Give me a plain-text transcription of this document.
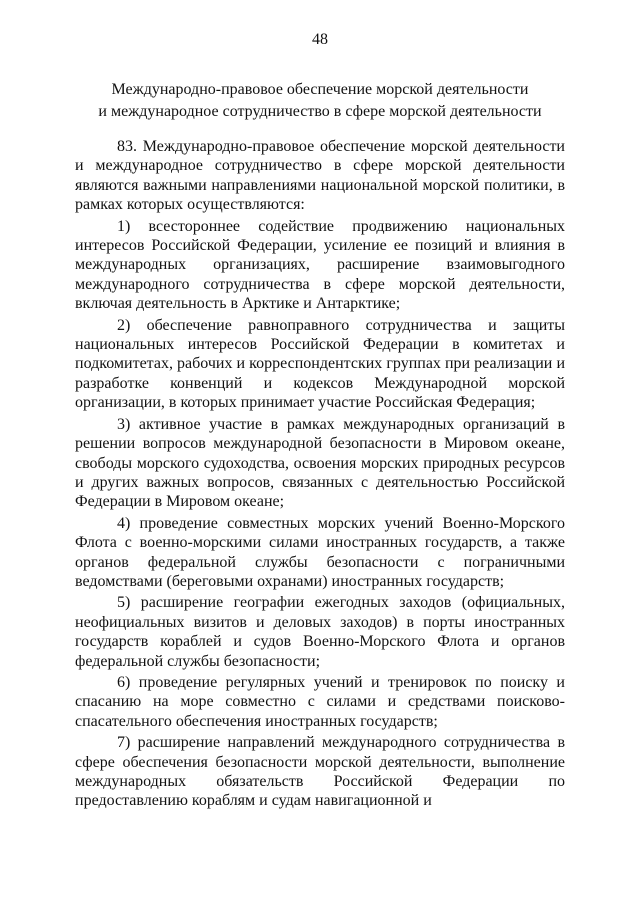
48
Международно-правовое обеспечение морской деятельности
и международное сотрудничество в сфере морской деятельности

83. Международно-правовое обеспечение морской деятельности и международное сотрудничество в сфере морской деятельности являются важными направлениями национальной морской политики, в рамках которых осуществляются:

1) всестороннее содействие продвижению национальных интересов Российской Федерации, усиление ее позиций и влияния в международных организациях, расширение взаимовыгодного международного сотрудничества в сфере морской деятельности, включая деятельность в Арктике и Антарктике;

2) обеспечение равноправного сотрудничества и защиты национальных интересов Российской Федерации в комитетах и подкомитетах, рабочих и корреспондентских группах при реализации и разработке конвенций и кодексов Международной морской организации, в которых принимает участие Российская Федерация;

3) активное участие в рамках международных организаций в решении вопросов международной безопасности в Мировом океане, свободы морского судоходства, освоения морских природных ресурсов и других важных вопросов, связанных с деятельностью Российской Федерации в Мировом океане;

4) проведение совместных морских учений Военно-Морского Флота с военно-морскими силами иностранных государств, а также органов федеральной службы безопасности с пограничными ведомствами (береговыми охранами) иностранных государств;

5) расширение географии ежегодных заходов (официальных, неофициальных визитов и деловых заходов) в порты иностранных государств кораблей и судов Военно-Морского Флота и органов федеральной службы безопасности;

6) проведение регулярных учений и тренировок по поиску и спасанию на море совместно с силами и средствами поисково-спасательного обеспечения иностранных государств;

7) расширение направлений международного сотрудничества в сфере обеспечения безопасности морской деятельности, выполнение международных обязательств Российской Федерации по предоставлению кораблям и судам навигационной и
